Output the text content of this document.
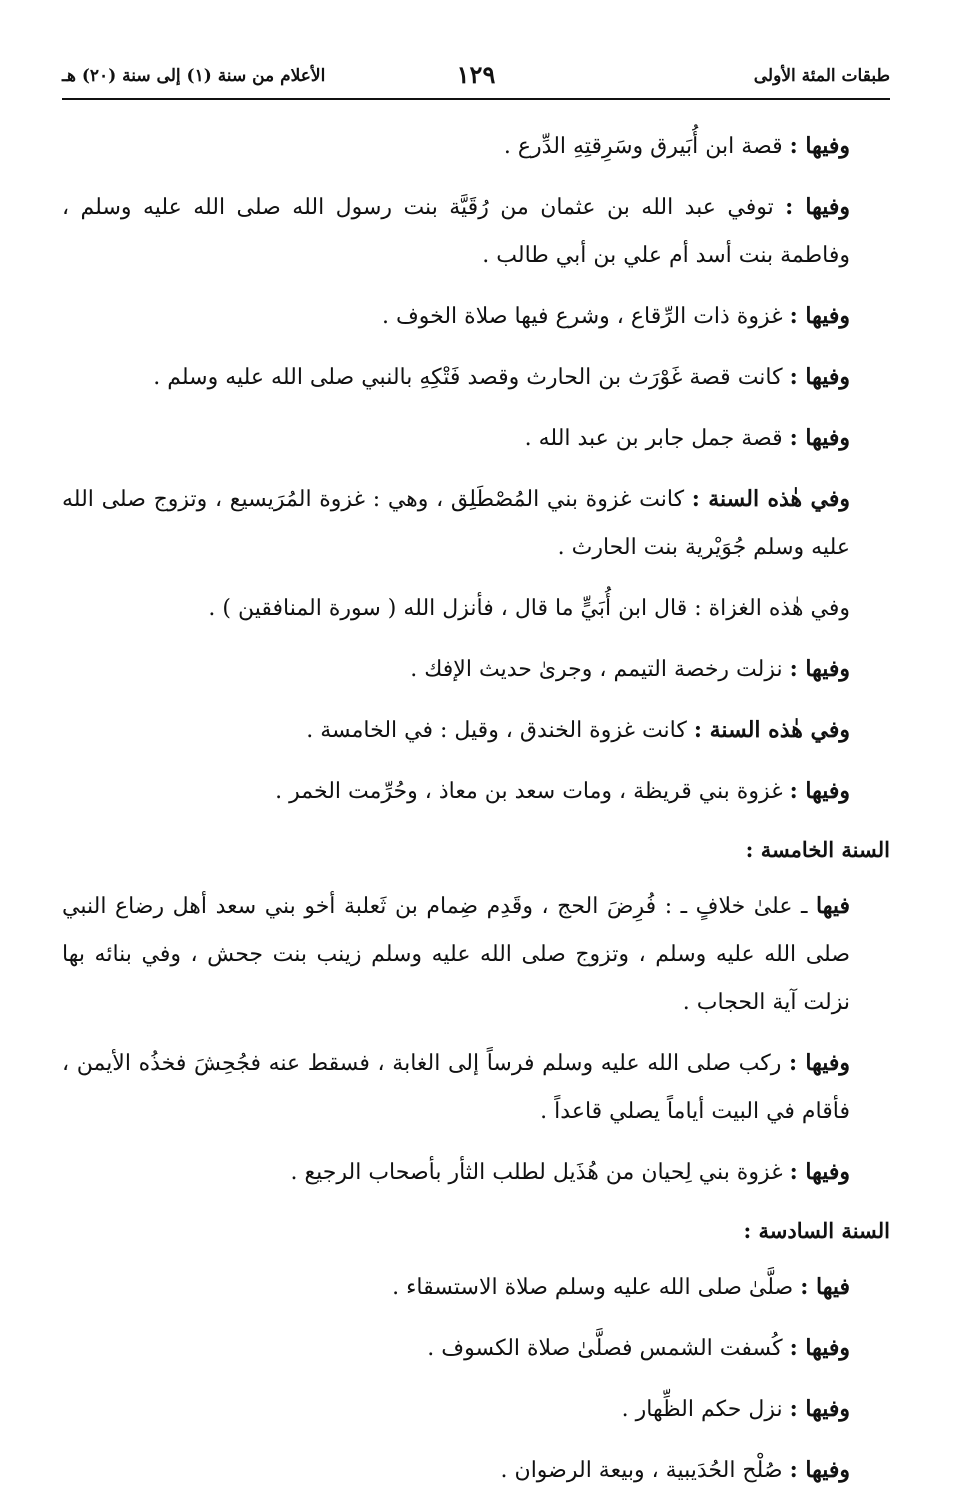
طبقات المئة الأولى
١٢٩
الأعلام من سنة (١) إلى سنة (٢٠) هـ

وفيها : قصة ابن أُبَيرق وسَرِقتِهِ الدِّرع .

وفيها : توفي عبد الله بن عثمان من رُقَيَّة بنت رسول الله صلى الله عليه وسلم ، وفاطمة بنت أسد أم علي بن أبي طالب .

وفيها : غزوة ذات الرِّقاع ، وشرع فيها صلاة الخوف .

وفيها : كانت قصة غَوْرَث بن الحارث وقصد فَتْكِهِ بالنبي صلى الله عليه وسلم .

وفيها : قصة جمل جابر بن عبد الله .

وفي هٰذه السنة : كانت غزوة بني المُصْطَلِق ، وهي : غزوة المُرَيسيع ، وتزوج صلى الله عليه وسلم جُوَيْرية بنت الحارث .

وفي هٰذه الغزاة : قال ابن أُبَيٍّ ما قال ، فأنزل الله ( سورة المنافقين ) .

وفيها : نزلت رخصة التيمم ، وجرىٰ حديث الإفك .

وفي هٰذه السنة : كانت غزوة الخندق ، وقيل : في الخامسة .

وفيها : غزوة بني قريظة ، ومات سعد بن معاذ ، وحُرِّمت الخمر .

السنة الخامسة :

فيها ـ علىٰ خلافٍ ـ : فُرِضَ الحج ، وقَدِم ضِمام بن ثَعلبة أخو بني سعد أهل رضاع النبي صلى الله عليه وسلم ، وتزوج صلى الله عليه وسلم زينب بنت جحش ، وفي بنائه بها نزلت آية الحجاب .

وفيها : ركب صلى الله عليه وسلم فرساً إلى الغابة ، فسقط عنه فجُحِشَ فخذُه الأيمن ، فأقام في البيت أياماً يصلي قاعداً .

وفيها : غزوة بني لِحيان من هُذَيل لطلب الثأر بأصحاب الرجيع .

السنة السادسة :

فيها : صلَّىٰ صلى الله عليه وسلم صلاة الاستسقاء .

وفيها : كُسفت الشمس فصلَّىٰ صلاة الكسوف .

وفيها : نزل حكم الظِّهار .

وفيها : صُلْح الحُدَيبية ، وبيعة الرضوان .
